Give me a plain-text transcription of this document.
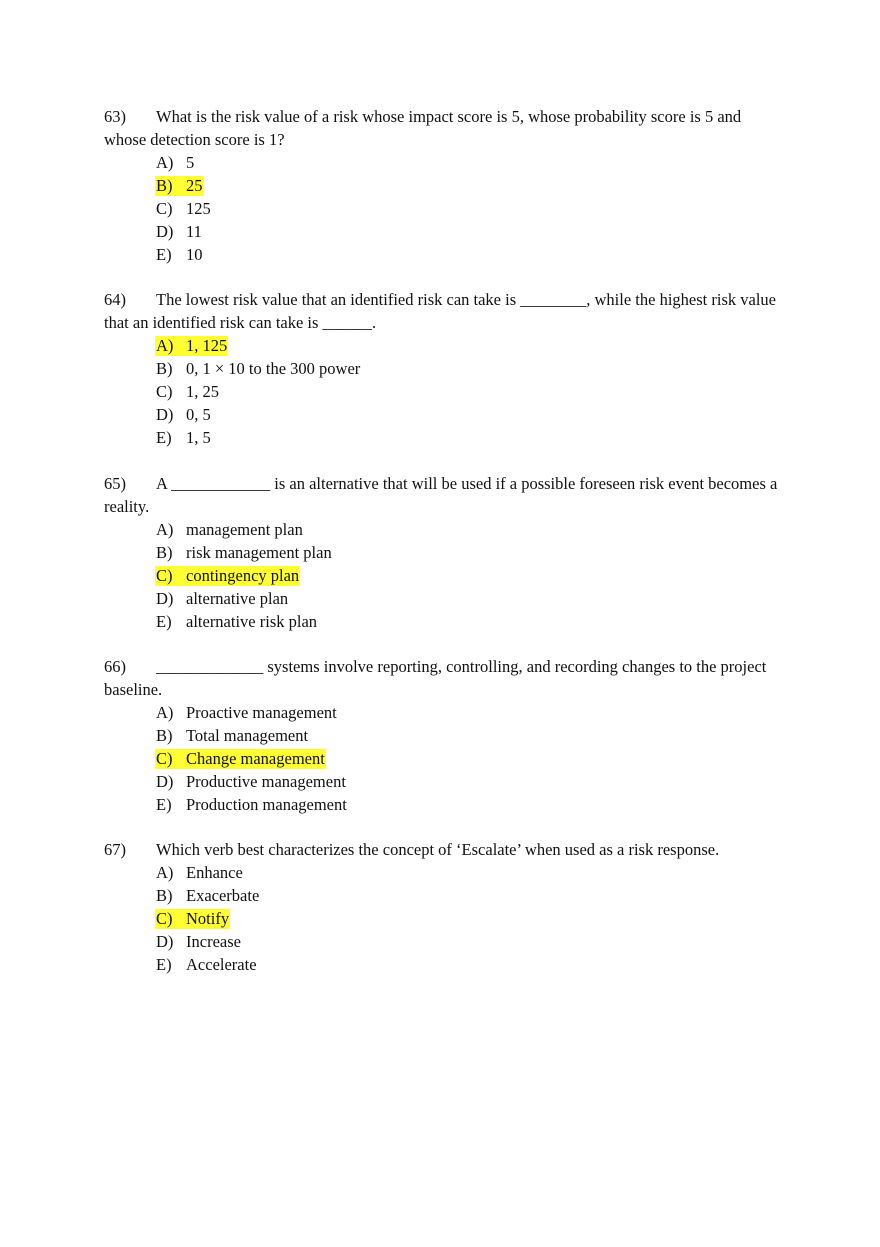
63) What is the risk value of a risk whose impact score is 5, whose probability score is 5 and whose detection score is 1?

A) 5
B) 25
C) 125
D) 11
E) 10

64) The lowest risk value that an identified risk can take is ________, while the highest risk value that an identified risk can take is ______.

A) 1, 125
B) 0, 1 × 10 to the 300 power
C) 1, 25
D) 0, 5
E) 1, 5

65) A ____________ is an alternative that will be used if a possible foreseen risk event becomes a reality.

A) management plan
B) risk management plan
C) contingency plan
D) alternative plan
E) alternative risk plan

66) _____________ systems involve reporting, controlling, and recording changes to the project baseline.

A) Proactive management
B) Total management
C) Change management
D) Productive management
E) Production management

67) Which verb best characterizes the concept of ‘Escalate’ when used as a risk response.

A) Enhance
B) Exacerbate
C) Notify
D) Increase
E) Accelerate
